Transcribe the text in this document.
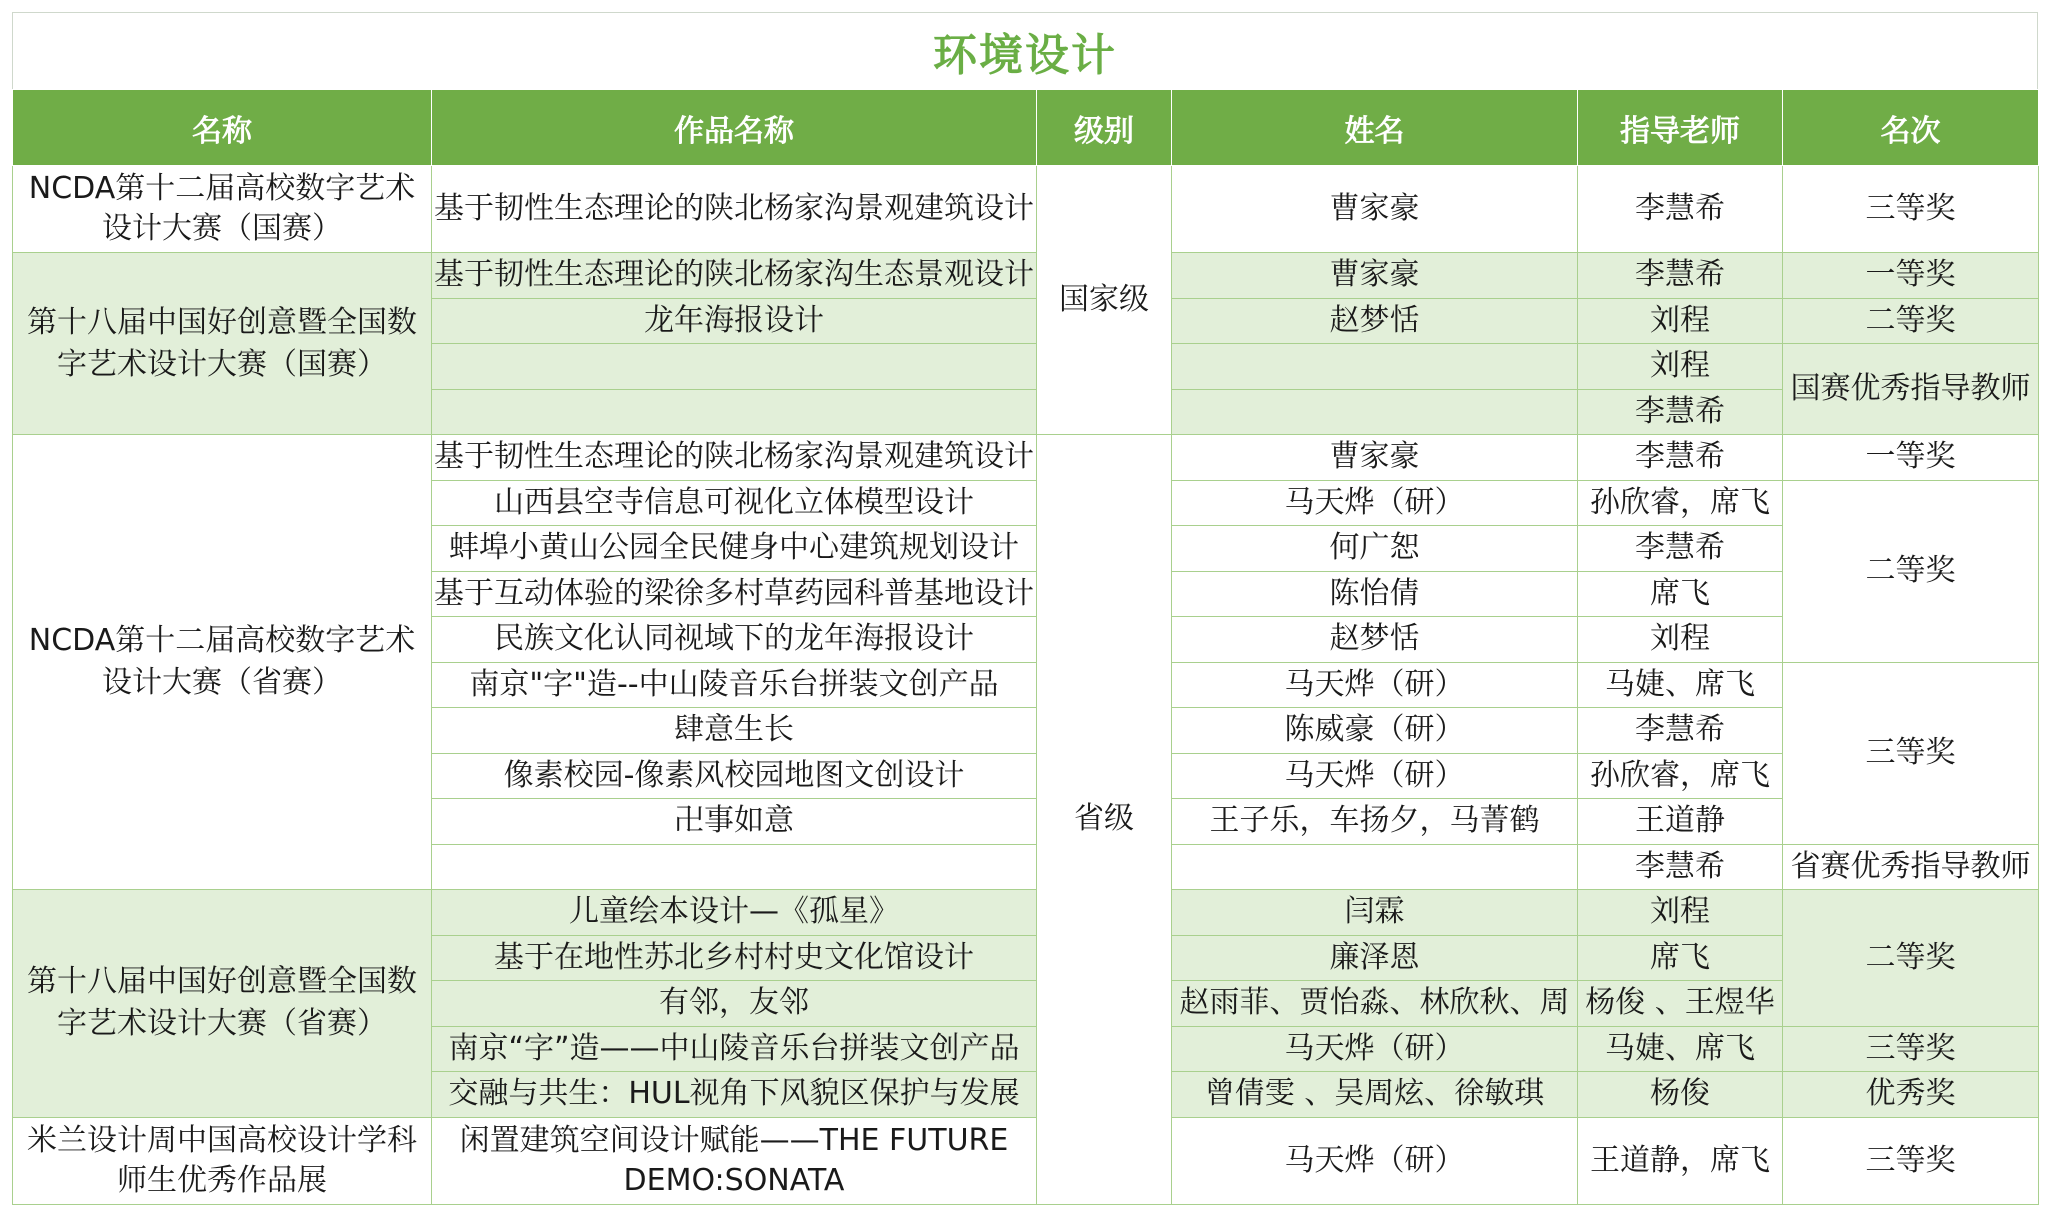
环境设计
名称	作品名称	级别	姓名	指导老师	名次
NCDA第十二届高校数字艺术设计大赛（国赛）	基于韧性生态理论的陕北杨家沟景观建筑设计	国家级	曹家豪	李慧希	三等奖
第十八届中国好创意暨全国数字艺术设计大赛（国赛）	基于韧性生态理论的陕北杨家沟生态景观设计		曹家豪	李慧希	一等奖
	龙年海报设计		赵梦恬	刘程	二等奖
				刘程	国赛优秀指导教师
				李慧希	
NCDA第十二届高校数字艺术设计大赛（省赛）	基于韧性生态理论的陕北杨家沟景观建筑设计	省级	曹家豪	李慧希	一等奖
	山西县空寺信息可视化立体模型设计		马天烨（研）	孙欣睿，席飞	二等奖
	蚌埠小黄山公园全民健身中心建筑规划设计		何广恕	李慧希	
	基于互动体验的梁徐多村草药园科普基地设计		陈怡倩	席飞	
	民族文化认同视域下的龙年海报设计		赵梦恬	刘程	
	南京"字"造--中山陵音乐台拼装文创产品		马天烨（研）	马婕、席飞	三等奖
	肆意生长		陈威豪（研）	李慧希	
	像素校园-像素风校园地图文创设计		马天烨（研）	孙欣睿，席飞	
	卍事如意		王子乐，车扬夕，马菁鹤	王道静	
				李慧希	省赛优秀指导教师
第十八届中国好创意暨全国数字艺术设计大赛（省赛）	儿童绘本设计—《孤星》		闫霖	刘程	二等奖
	基于在地性苏北乡村村史文化馆设计		廉泽恩	席飞	
	有邻，友邻		赵雨菲、贾怡淼、林欣秋、周	杨俊 、王煜华	
	南京“字”造——中山陵音乐台拼装文创产品		马天烨（研）	马婕、席飞	三等奖
	交融与共生：HUL视角下风貌区保护与发展		曾倩雯 、吴周炫、徐敏琪	杨俊	优秀奖
米兰设计周中国高校设计学科师生优秀作品展	闲置建筑空间设计赋能——THE FUTURE DEMO:SONATA		马天烨（研）	王道静，席飞	三等奖
